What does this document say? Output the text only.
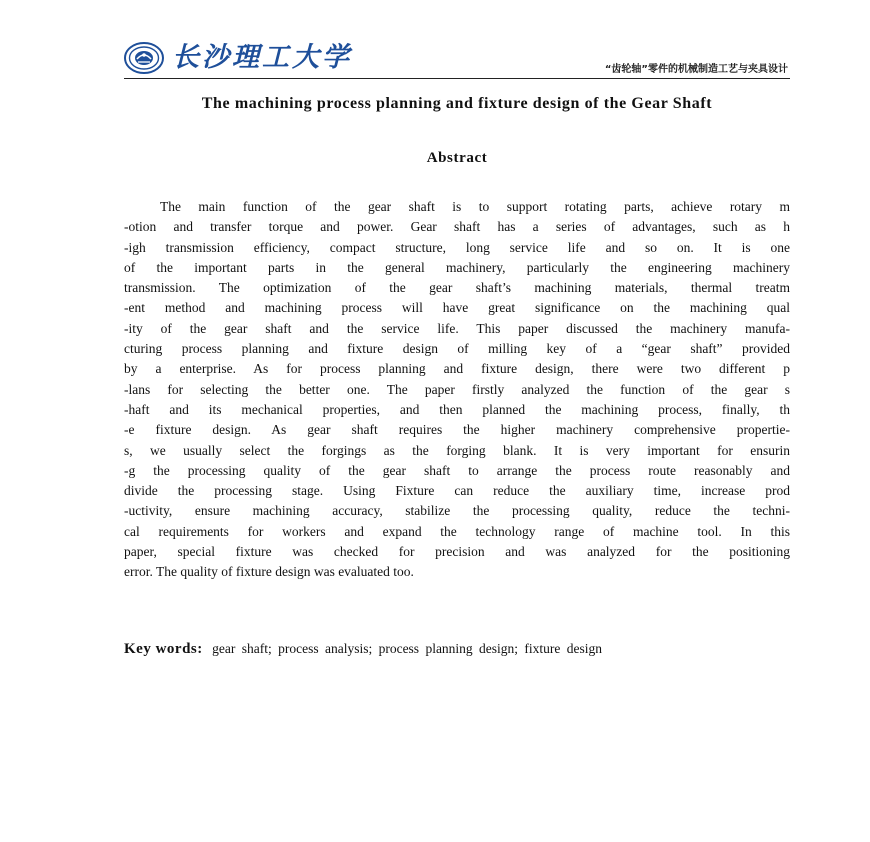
长沙理工大学	“齿轮轴”零件的机械制造工艺与夹具设计
The machining process planning and fixture design of the Gear Shaft
Abstract
The main function of the gear shaft is to support rotating parts, achieve rotary m
-otion and transfer torque and power. Gear shaft has a series of advantages, such as h
-igh transmission efficiency, compact structure, long service life and so on. It is one
of the important parts in the general machinery, particularly the engineering machinery
transmission. The optimization of the gear shaft’s machining materials, thermal treatm
-ent method and machining process will have great significance on the machining qual
-ity of the gear shaft and the service life. This paper discussed the machinery manufa-
cturing process planning and fixture design of milling key of a “gear shaft” provided
by a enterprise. As for process planning and fixture design, there were two different p
-lans for selecting the better one. The paper firstly analyzed the function of the gear s
-haft and its mechanical properties, and then planned the machining process, finally, th
-e fixture design. As gear shaft requires the higher machinery comprehensive propertie-
s, we usually select the forgings as the forging blank. It is very important for ensurin
-g the processing quality of the gear shaft to arrange the process route reasonably and
divide the processing stage. Using Fixture can reduce the auxiliary time, increase prod
-uctivity, ensure machining accuracy, stabilize the processing quality, reduce the techni-
cal requirements for workers and expand the technology range of machine tool. In this
paper, special fixture was checked for precision and was analyzed for the positioning
error. The quality of fixture design was evaluated too.
Key words: gear shaft; process analysis; process planning design; fixture design
